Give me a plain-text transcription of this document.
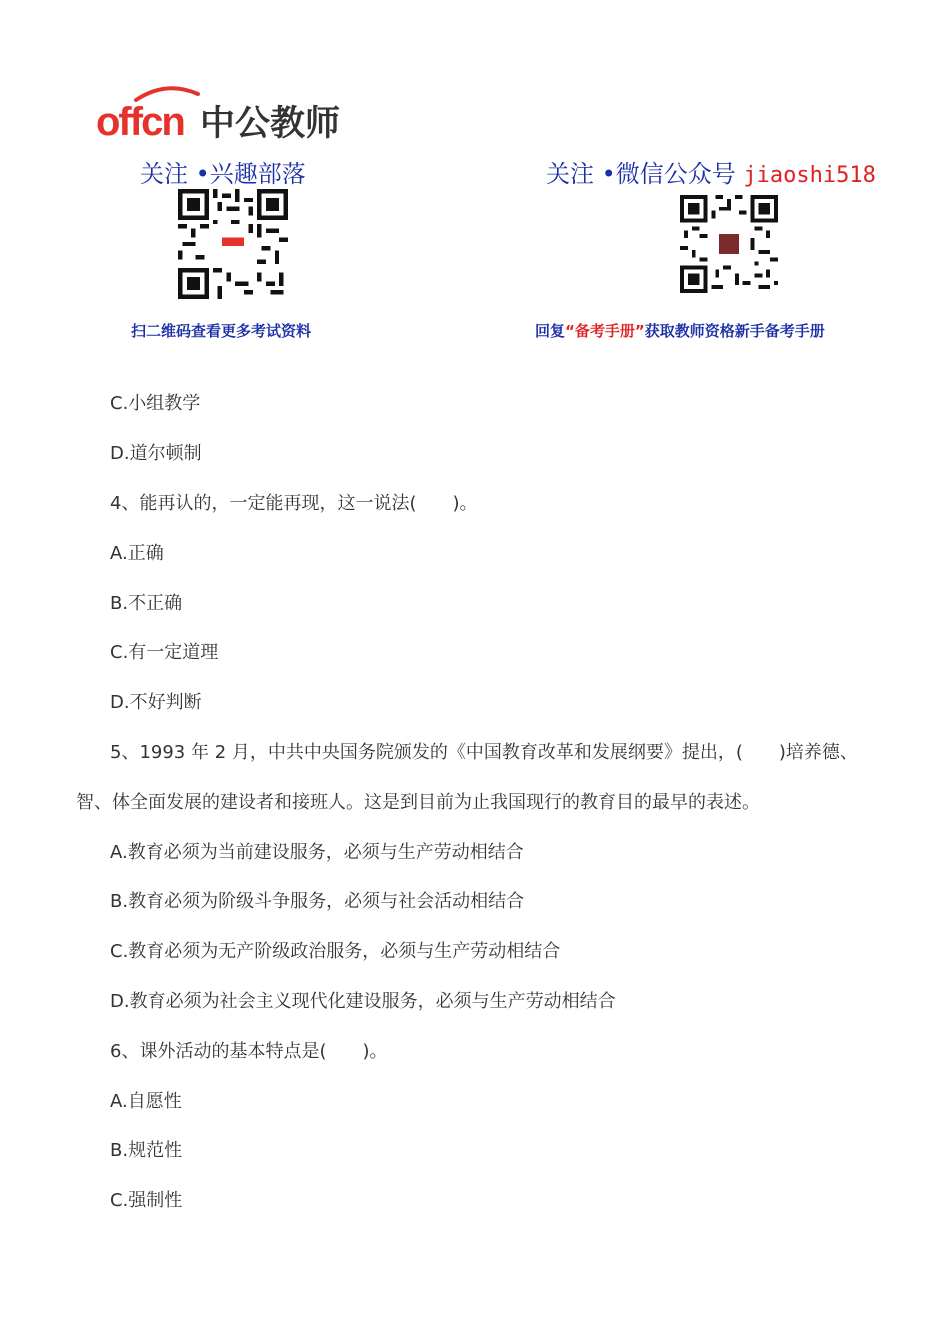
offcn 中公教师
关注 •兴趣部落	关注 •微信公众号 jiaoshi518
扫二维码查看更多考试资料	回复“备考手册”获取教师资格新手备考手册
C.小组教学
D.道尔顿制
4、能再认的，一定能再现，这一说法(　　)。
A.正确
B.不正确
C.有一定道理
D.不好判断
5、1993 年 2 月，中共中央国务院颁发的《中国教育改革和发展纲要》提出，(　　)培养德、
智、体全面发展的建设者和接班人。这是到目前为止我国现行的教育目的最早的表述。
A.教育必须为当前建设服务，必须与生产劳动相结合
B.教育必须为阶级斗争服务，必须与社会活动相结合
C.教育必须为无产阶级政治服务，必须与生产劳动相结合
D.教育必须为社会主义现代化建设服务，必须与生产劳动相结合
6、课外活动的基本特点是(　　)。
A.自愿性
B.规范性
C.强制性
